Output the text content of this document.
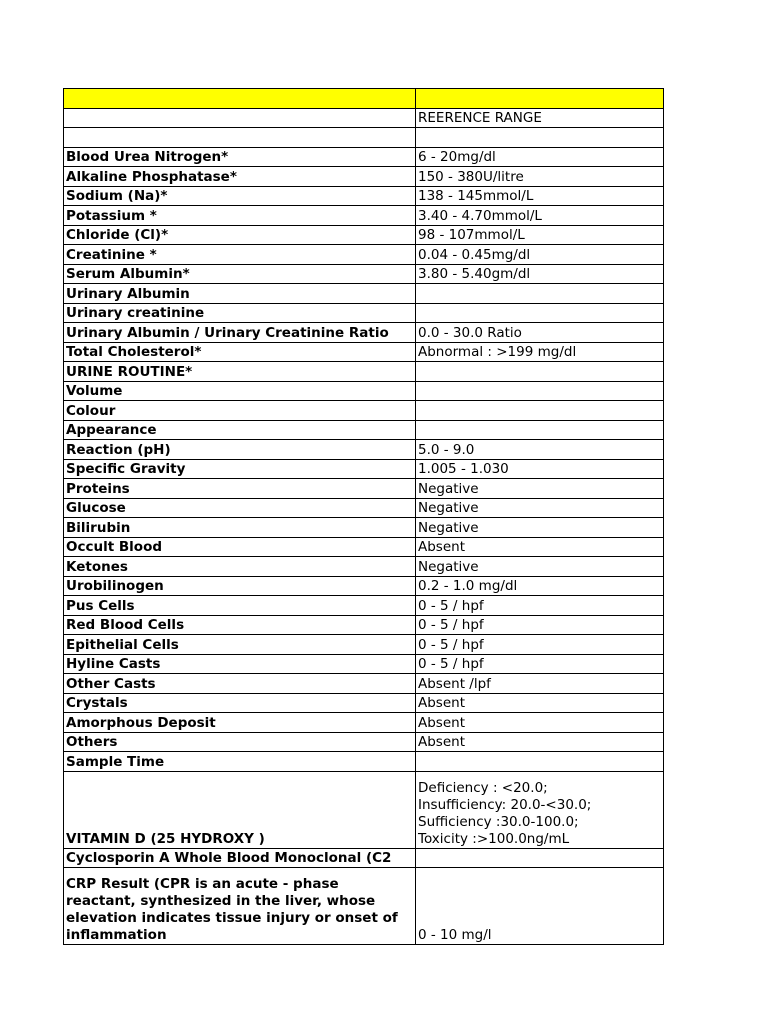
	REERENCE RANGE

Blood Urea Nitrogen*	6 - 20mg/dl
Alkaline Phosphatase*	150 - 380U/litre
Sodium (Na)*	138 - 145mmol/L
Potassium *	3.40 - 4.70mmol/L
Chloride (Cl)*	98 - 107mmol/L
Creatinine *	0.04 - 0.45mg/dl
Serum Albumin*	3.80 - 5.40gm/dl
Urinary Albumin	
Urinary creatinine	
Urinary Albumin / Urinary Creatinine Ratio	0.0 - 30.0 Ratio
Total Cholesterol*	Abnormal : >199 mg/dl
URINE ROUTINE*	
Volume	
Colour	
Appearance	
Reaction (pH)	5.0 - 9.0
Specific Gravity	1.005 - 1.030
Proteins	Negative
Glucose	Negative
Bilirubin	Negative
Occult Blood	Absent
Ketones	Negative
Urobilinogen	0.2 - 1.0 mg/dl
Pus Cells	0 - 5 / hpf
Red Blood Cells	0 - 5 / hpf
Epithelial Cells	0 - 5 / hpf
Hyline Casts	0 - 5 / hpf
Other Casts	Absent /lpf
Crystals	Absent
Amorphous Deposit	Absent
Others	Absent
Sample Time	
VITAMIN D (25 HYDROXY )	Deficiency : <20.0;
Insufficiency: 20.0-<30.0;
Sufficiency :30.0-100.0;
Toxicity :>100.0ng/mL

Cyclosporin A Whole Blood Monoclonal (C2	
CRP Result (CPR is an acute - phase reactant, synthesized in the liver, whose elevation indicates tissue injury or onset of inflammation	0 - 10 mg/l
